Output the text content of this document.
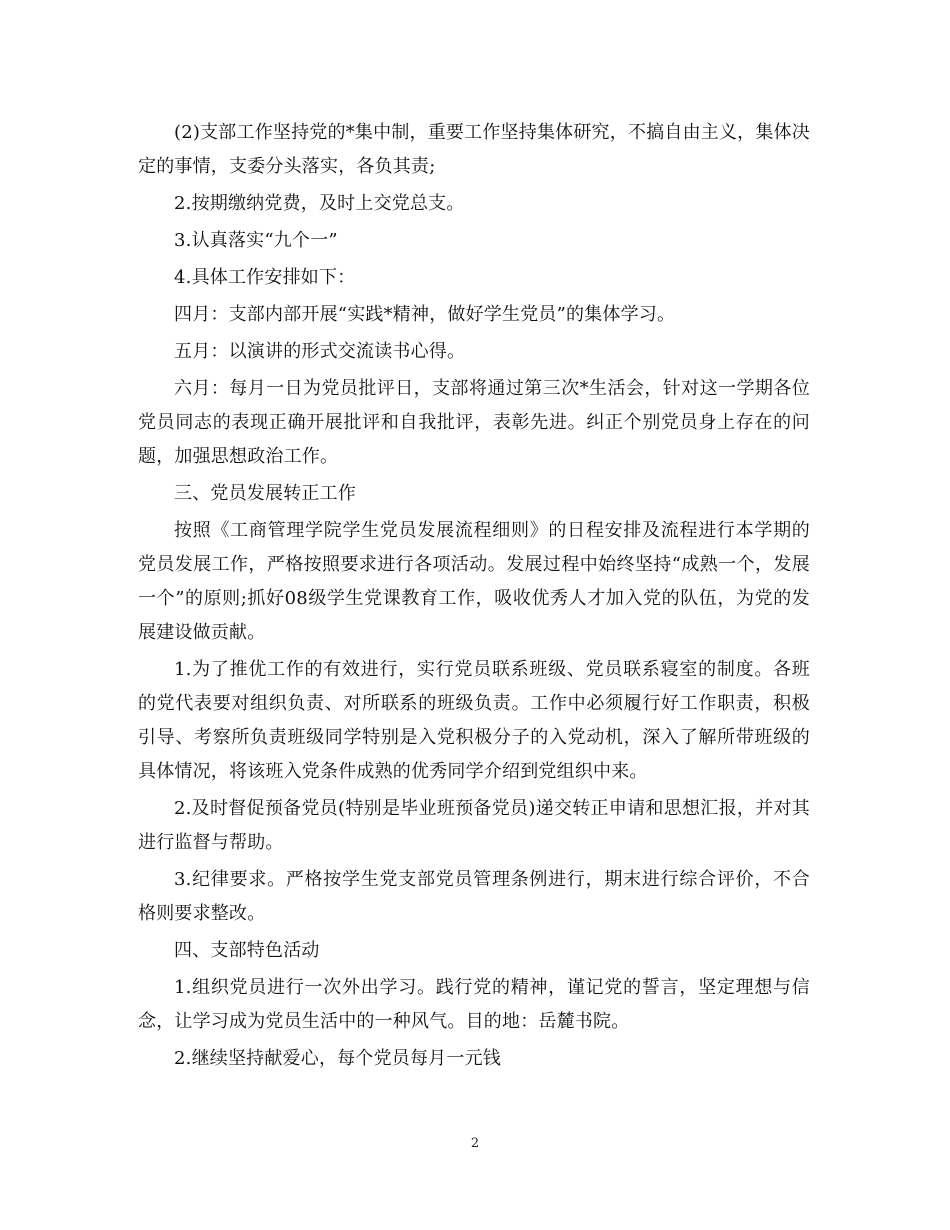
(2)支部工作坚持党的*集中制，重要工作坚持集体研究，不搞自由主义，集体决定的事情，支委分头落实，各负其责;

2.按期缴纳党费，及时上交党总支。

3.认真落实“九个一”

4.具体工作安排如下：

四月：支部内部开展“实践*精神，做好学生党员”的集体学习。

五月：以演讲的形式交流读书心得。

六月：每月一日为党员批评日，支部将通过第三次*生活会，针对这一学期各位党员同志的表现正确开展批评和自我批评，表彰先进。纠正个别党员身上存在的问题，加强思想政治工作。

三、党员发展转正工作

按照《工商管理学院学生党员发展流程细则》的日程安排及流程进行本学期的党员发展工作，严格按照要求进行各项活动。发展过程中始终坚持“成熟一个，发展一个”的原则;抓好08级学生党课教育工作，吸收优秀人才加入党的队伍，为党的发展建设做贡献。

1.为了推优工作的有效进行，实行党员联系班级、党员联系寝室的制度。各班的党代表要对组织负责、对所联系的班级负责。工作中必须履行好工作职责，积极引导、考察所负责班级同学特别是入党积极分子的入党动机，深入了解所带班级的具体情况，将该班入党条件成熟的优秀同学介绍到党组织中来。

2.及时督促预备党员(特别是毕业班预备党员)递交转正申请和思想汇报，并对其进行监督与帮助。

3.纪律要求。严格按学生党支部党员管理条例进行，期末进行综合评价，不合格则要求整改。

四、支部特色活动

1.组织党员进行一次外出学习。践行党的精神，谨记党的誓言，坚定理想与信念，让学习成为党员生活中的一种风气。目的地：岳麓书院。

2.继续坚持献爱心，每个党员每月一元钱

2
